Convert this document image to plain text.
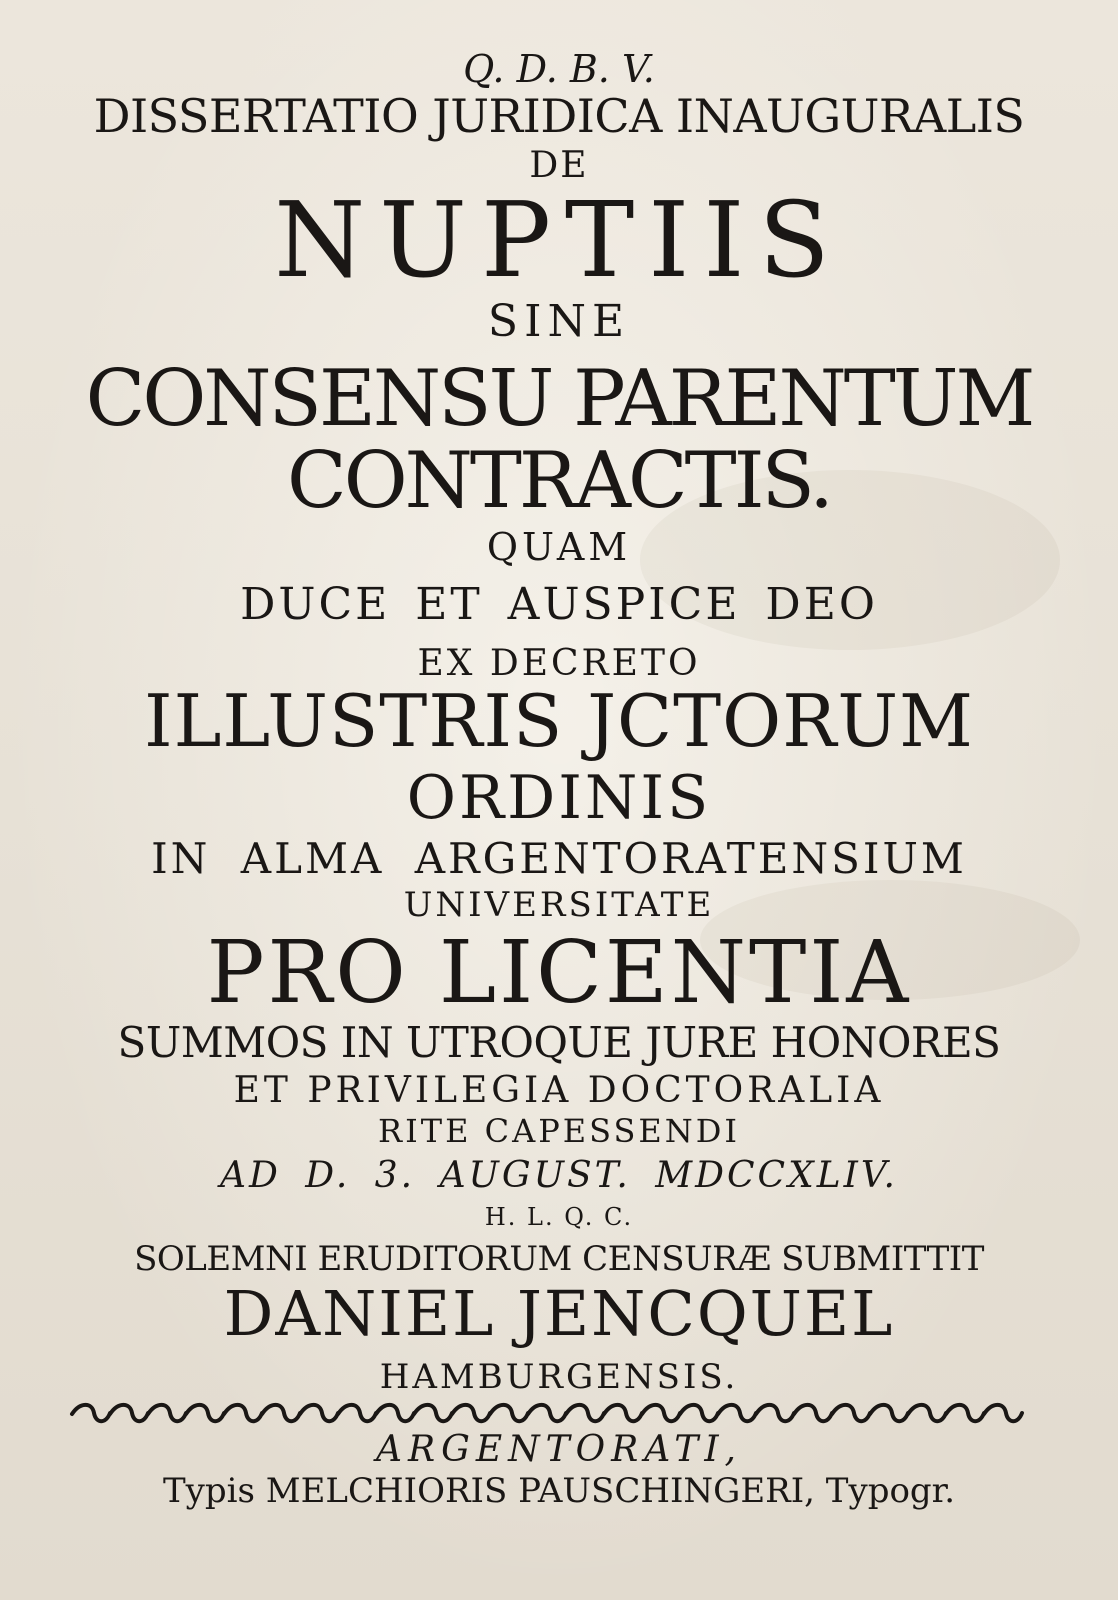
Q. D. B. V.
DISSERTATIO JURIDICA INAUGURALIS
DE
NUPTIIS
SINE
CONSENSU PARENTUM
CONTRACTIS.
QUAM
DUCE ET AUSPICE DEO
EX DECRETO
ILLUSTRIS JCTORUM
ORDINIS
IN ALMA ARGENTORATENSIUM
UNIVERSITATE
PRO LICENTIA
SUMMOS IN UTROQUE JURE HONORES
ET PRIVILEGIA DOCTORALIA
RITE CAPESSENDI
AD D. 3. AUGUST. MDCCXLIV.
H. L. Q. C.
SOLEMNI ERUDITORUM CENSURÆ SUBMITTIT
DANIEL JENCQUEL
HAMBURGENSIS.
ARGENTORATI,
Typis MELCHIORIS PAUSCHINGERI, Typogr.
